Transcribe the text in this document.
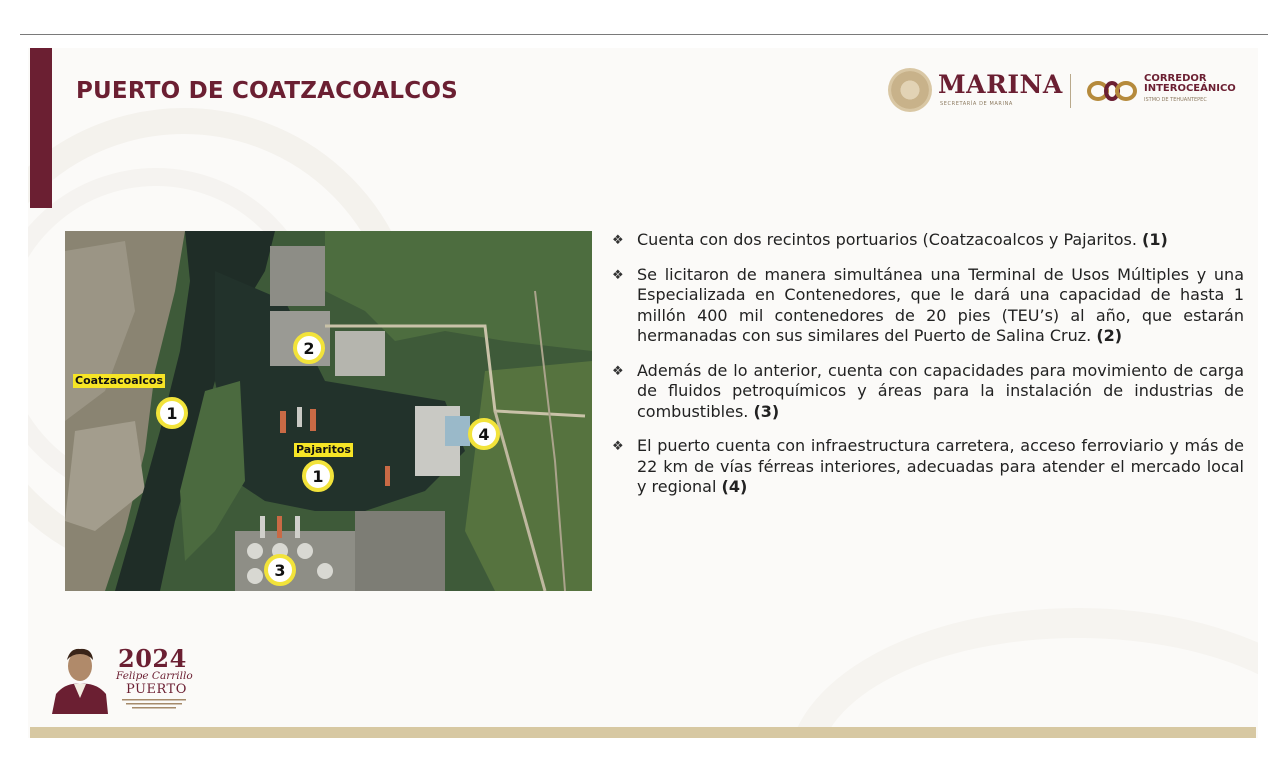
PUERTO DE COATZACOALCOS	MARINA
SECRETARÍA DE MARINA
CORREDOR
INTEROCEÁNICO
ISTMO DE TEHUANTEPEC
Coatzacoalcos
1
2
Pajaritos
1
4
3
❖ Cuenta con dos recintos portuarios (Coatzacoalcos y Pajaritos. (1)
❖ Se licitaron de manera simultánea una Terminal de Usos Múltiples y una Especializada en Contenedores, que le dará una capacidad de hasta 1 millón 400 mil contenedores de 20 pies (TEU’s) al año, que estarán hermanadas con sus similares del Puerto de Salina Cruz. (2)
❖ Además de lo anterior, cuenta con capacidades para movimiento de carga de fluidos petroquímicos y áreas para la instalación de industrias de combustibles. (3)
❖ El puerto cuenta con infraestructura carretera, acceso ferroviario y más de 22 km de vías férreas interiores, adecuadas para atender el mercado local y regional (4)
2024
Felipe Carrillo
PUERTO
